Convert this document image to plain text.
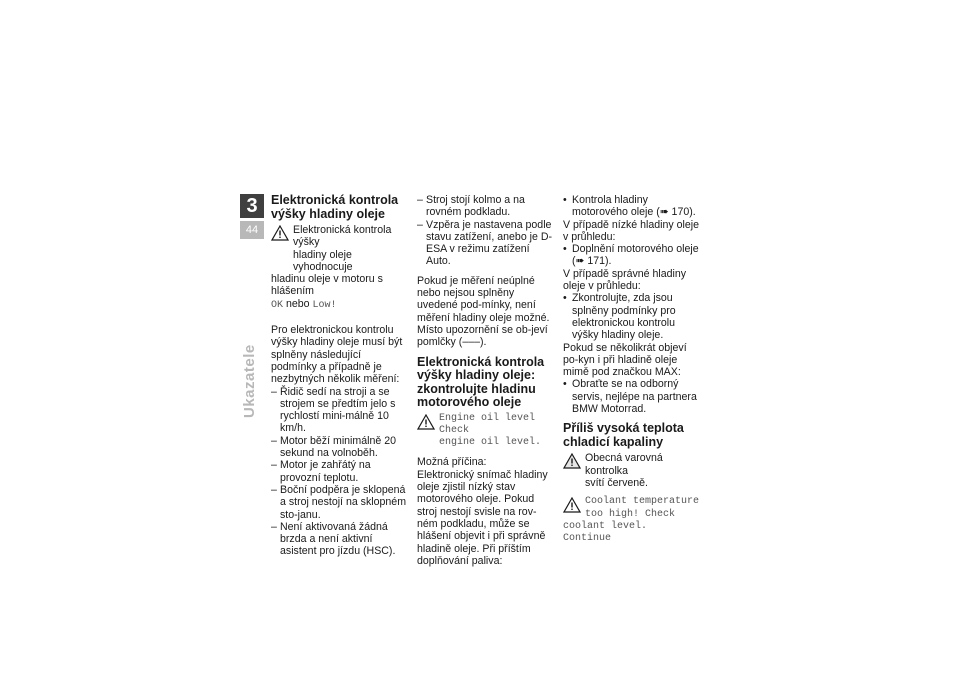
3
44
Ukazatele
Elektronická kontrola výšky hladiny oleje
Elektronická kontrola výšky
hladiny oleje vyhodnocuje
hladinu oleje v motoru s hlášením
OK nebo Low!

Pro elektronickou kontrolu výšky hladiny oleje musí být splněny následující podmínky a případně je nezbytných několik měření:

– Řidič sedí na stroji a se strojem se předtím jelo s rychlostí mini-málně 10 km/h.
– Motor běží minimálně 20 sekund na volnoběh.
– Motor je zahřátý na provozní teplotu.
– Boční podpěra je sklopená a stroj nestojí na sklopném sto-janu.
– Není aktivovaná žádná brzda a není aktivní asistent pro jízdu (HSC).
– Stroj stojí kolmo a na rovném podkladu.
– Vzpěra je nastavena podle stavu zatížení, anebo je D-ESA v režimu zatížení Auto.

Pokud je měření neúplné nebo nejsou splněny uvedené pod-mínky, není měření hladiny oleje možné. Místo upozornění se ob-jeví pomlčky (–––).

Elektronická kontrola výšky hladiny oleje: zkontrolujte hladinu motorového oleje
Engine oil level Check
engine oil level.

Možná příčina:

Elektronický snímač hladiny oleje zjistil nízký stav motorového oleje. Pokud stroj nestojí svisle na rov-ném podkladu, může se hlášení objevit i při správně hladině oleje. Při příštím doplňování paliva:

• Kontrola hladiny motorového oleje (➠ 170).

V případě nízké hladiny oleje v průhledu:

• Doplnění motorového oleje (➠ 171).

V případě správné hladiny oleje v průhledu:

• Zkontrolujte, zda jsou splněny podmínky pro elektronickou kontrolu výšky hladiny oleje.

Pokud se několikrát objeví po-kyn i při hladině oleje mimě pod značkou MAX:

• Obraťte se na odborný servis, nejlépe na partnera BMW Motorrad.
Příliš vysoká teplota chladicí kapaliny
Obecná varovná kontrolka
svítí červeně.
Coolant temperature
too high! Check
coolant level. Continue
